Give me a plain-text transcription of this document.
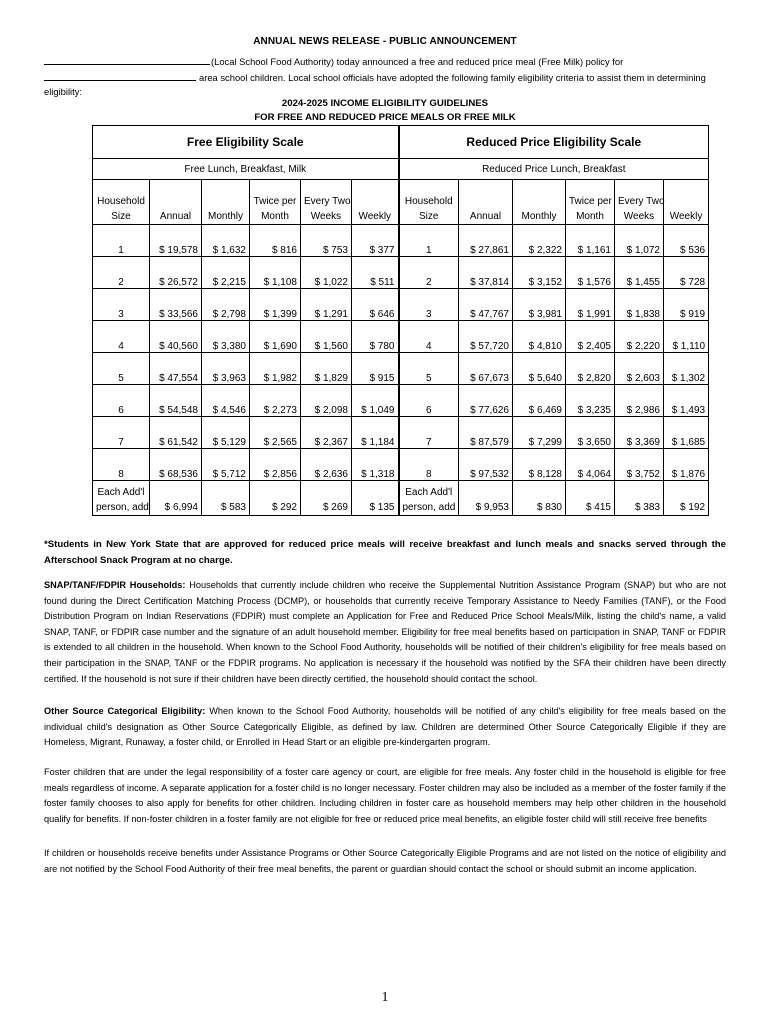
ANNUAL NEWS RELEASE - PUBLIC ANNOUNCEMENT
(Local School Food Authority) today announced a free and reduced price meal (Free Milk) policy for
area school children. Local school officials have adopted the following family eligibility criteria to assist them in determining
eligibility:
2024-2025 INCOME ELIGIBILITY GUIDELINES
FOR FREE AND REDUCED PRICE MEALS OR FREE MILK
Free Eligibility Scale						Reduced Price Eligibility Scale					
Free Lunch, Breakfast, Milk						Reduced Price Lunch, Breakfast					
Household
Size	Annual	Monthly	Twice per
Month	Every Two
Weeks	Weekly	Household
Size	Annual	Monthly	Twice per
Month	Every Two
Weeks	Weekly
1	$ 19,578	$ 1,632	$ 816	$ 753	$ 377	1	$ 27,861	$ 2,322	$ 1,161	$ 1,072	$ 536
2	$ 26,572	$ 2,215	$ 1,108	$ 1,022	$ 511	2	$ 37,814	$ 3,152	$ 1,576	$ 1,455	$ 728
3	$ 33,566	$ 2,798	$ 1,399	$ 1,291	$ 646	3	$ 47,767	$ 3,981	$ 1,991	$ 1,838	$ 919
4	$ 40,560	$ 3,380	$ 1,690	$ 1,560	$ 780	4	$ 57,720	$ 4,810	$ 2,405	$ 2,220	$ 1,110
5	$ 47,554	$ 3,963	$ 1,982	$ 1,829	$ 915	5	$ 67,673	$ 5,640	$ 2,820	$ 2,603	$ 1,302
6	$ 54,548	$ 4,546	$ 2,273	$ 2,098	$ 1,049	6	$ 77,626	$ 6,469	$ 3,235	$ 2,986	$ 1,493
7	$ 61,542	$ 5,129	$ 2,565	$ 2,367	$ 1,184	7	$ 87,579	$ 7,299	$ 3,650	$ 3,369	$ 1,685
8	$ 68,536	$ 5,712	$ 2,856	$ 2,636	$ 1,318	8	$ 97,532	$ 8,128	$ 4,064	$ 3,752	$ 1,876
Each Add'l
person, add	$ 6,994	$ 583	$ 292	$ 269	$ 135	Each Add'l
person, add	$ 9,953	$ 830	$ 415	$ 383	$ 192
*Students in New York State that are approved for reduced price meals will receive breakfast and lunch meals and snacks served through the Afterschool Snack Program at no charge.
SNAP/TANF/FDPIR Households: Households that currently include children who receive the Supplemental Nutrition Assistance Program (SNAP) but who are not found during the Direct Certification Matching Process (DCMP), or households that currently receive Temporary Assistance to Needy Families (TANF), or the Food Distribution Program on Indian Reservations (FDPIR) must complete an Application for Free and Reduced Price School Meals/Milk, listing the child's name, a valid SNAP, TANF, or FDPIR case number and the signature of an adult household member. Eligibility for free meal benefits based on participation in SNAP, TANF or FDPIR is extended to all children in the household. When known to the School Food Authority, households will be notified of their children's eligibility for free meals based on their participation in the SNAP, TANF or the FDPIR programs. No application is necessary if the household was notified by the SFA their children have been directly certified. If the household is not sure if their children have been directly certified, the household should contact the school.
Other Source Categorical Eligibility: When known to the School Food Authority, households will be notified of any child's eligibility for free meals based on the individual child's designation as Other Source Categorically Eligible, as defined by law. Children are determined Other Source Categorically Eligible if they are Homeless, Migrant, Runaway, a foster child, or Enrolled in Head Start or an eligible pre-kindergarten program.
Foster children that are under the legal responsibility of a foster care agency or court, are eligible for free meals. Any foster child in the household is eligible for free meals regardless of income. A separate application for a foster child is no longer necessary. Foster children may also be included as a member of the foster family if the foster family chooses to also apply for benefits for other children. Including children in foster care as household members may help other children in the household qualify for benefits. If non-foster children in a foster family are not eligible for free or reduced price meal benefits, an eligible foster child will still receive free benefits
If children or households receive benefits under Assistance Programs or Other Source Categorically Eligible Programs and are not listed on the notice of eligibility and are not notified by the School Food Authority of their free meal benefits, the parent or guardian should contact the school or should submit an income application.
1
